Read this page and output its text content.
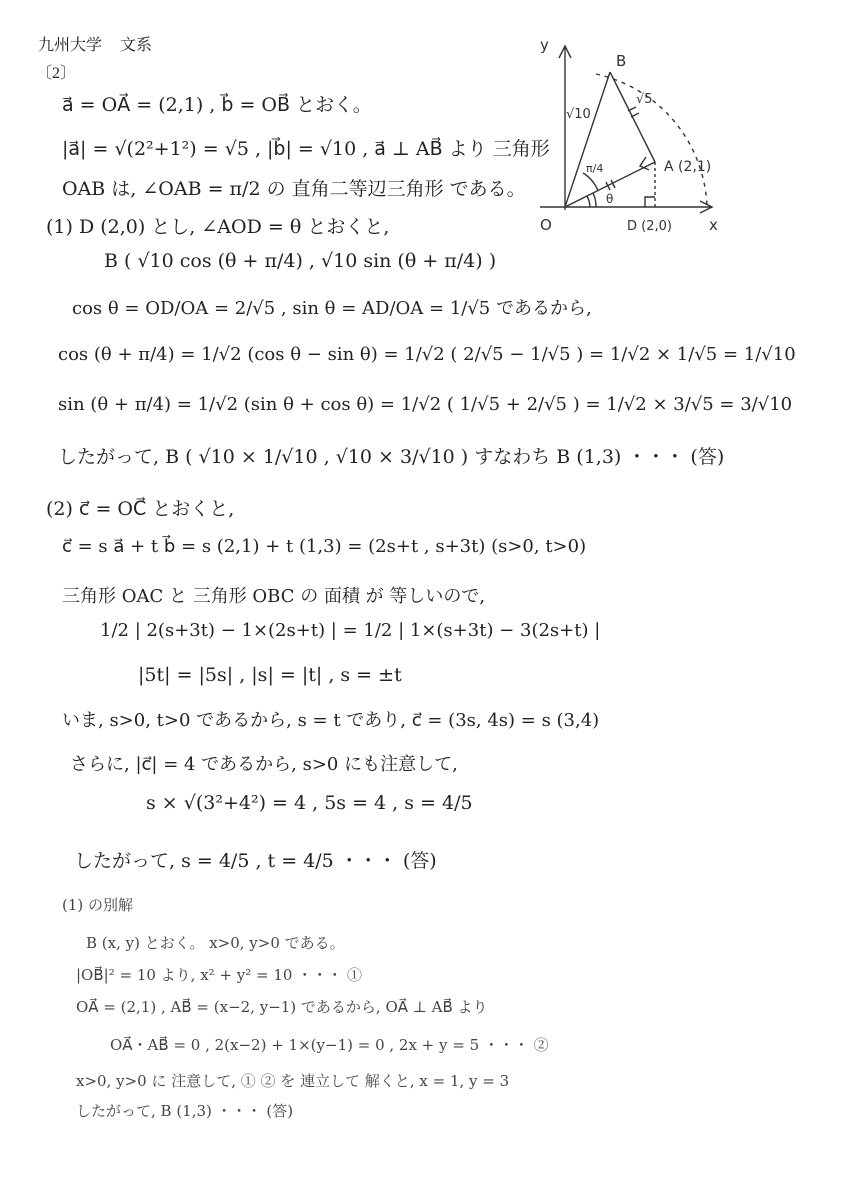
九州大学 文系
〔2〕
a⃗ = OA⃗ = (2,1) , b⃗ = OB⃗ とおく。
|a⃗| = √(2²+1²) = √5 , |b⃗| = √10 , a⃗ ⊥ AB⃗ より 三角形
OAB は, ∠OAB = π/2 の 直角二等辺三角形 である。
(1) D (2,0) とし, ∠AOD = θ とおくと,
B ( √10 cos (θ + π/4) , √10 sin (θ + π/4) )
cos θ = OD/OA = 2/√5 , sin θ = AD/OA = 1/√5 であるから,
cos (θ + π/4) = 1/√2 (cos θ − sin θ) = 1/√2 ( 2/√5 − 1/√5 ) = 1/√2 × 1/√5 = 1/√10
sin (θ + π/4) = 1/√2 (sin θ + cos θ) = 1/√2 ( 1/√5 + 2/√5 ) = 1/√2 × 3/√5 = 3/√10
したがって, B ( √10 × 1/√10 , √10 × 3/√10 ) すなわち B (1,3) ・・・ (答)
(2) c⃗ = OC⃗ とおくと,
c⃗ = s a⃗ + t b⃗ = s (2,1) + t (1,3) = (2s+t , s+3t) (s>0, t>0)
三角形 OAC と 三角形 OBC の 面積 が 等しいので,
1/2 | 2(s+3t) − 1×(2s+t) | = 1/2 | 1×(s+3t) − 3(2s+t) |
|5t| = |5s| , |s| = |t| , s = ±t
いま, s>0, t>0 であるから, s = t であり, c⃗ = (3s, 4s) = s (3,4)
さらに, |c⃗| = 4 であるから, s>0 にも注意して,
s × √(3²+4²) = 4 , 5s = 4 , s = 4/5
したがって, s = 4/5 , t = 4/5 ・・・ (答)
(1) の別解
B (x, y) とおく。 x>0, y>0 である。
|OB⃗|² = 10 より, x² + y² = 10 ・・・ ①
OA⃗ = (2,1) , AB⃗ = (x−2, y−1) であるから, OA⃗ ⊥ AB⃗ より
OA⃗・AB⃗ = 0 , 2(x−2) + 1×(y−1) = 0 , 2x + y = 5 ・・・ ②
x>0, y>0 に 注意して, ① ② を 連立して 解くと, x = 1, y = 3
したがって, B (1,3) ・・・ (答)
y
x
O
B
A (2,1)
D (2,0)
√10
√5
π/4
θ
